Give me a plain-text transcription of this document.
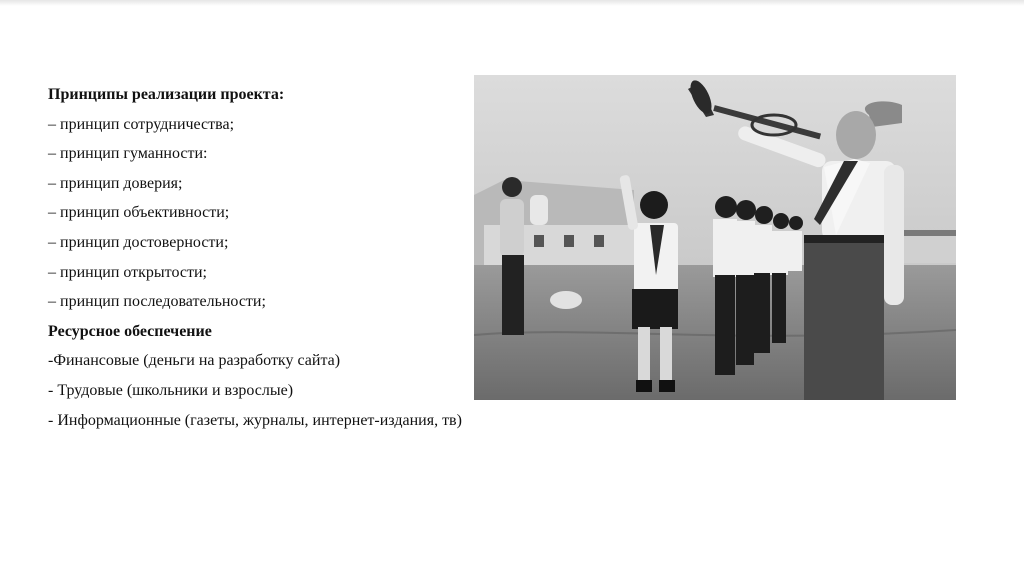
Принципы реализации проекта:
– принцип сотрудничества;
– принцип гуманности:
– принцип доверия;
– принцип объективности;
– принцип достоверности;
– принцип открытости;
– принцип последовательности;
Ресурсное обеспечение
-Финансовые (деньги на разработку сайта)
- Трудовые (школьники и взрослые)
- Информационные (газеты, журналы, интернет-издания, тв)
